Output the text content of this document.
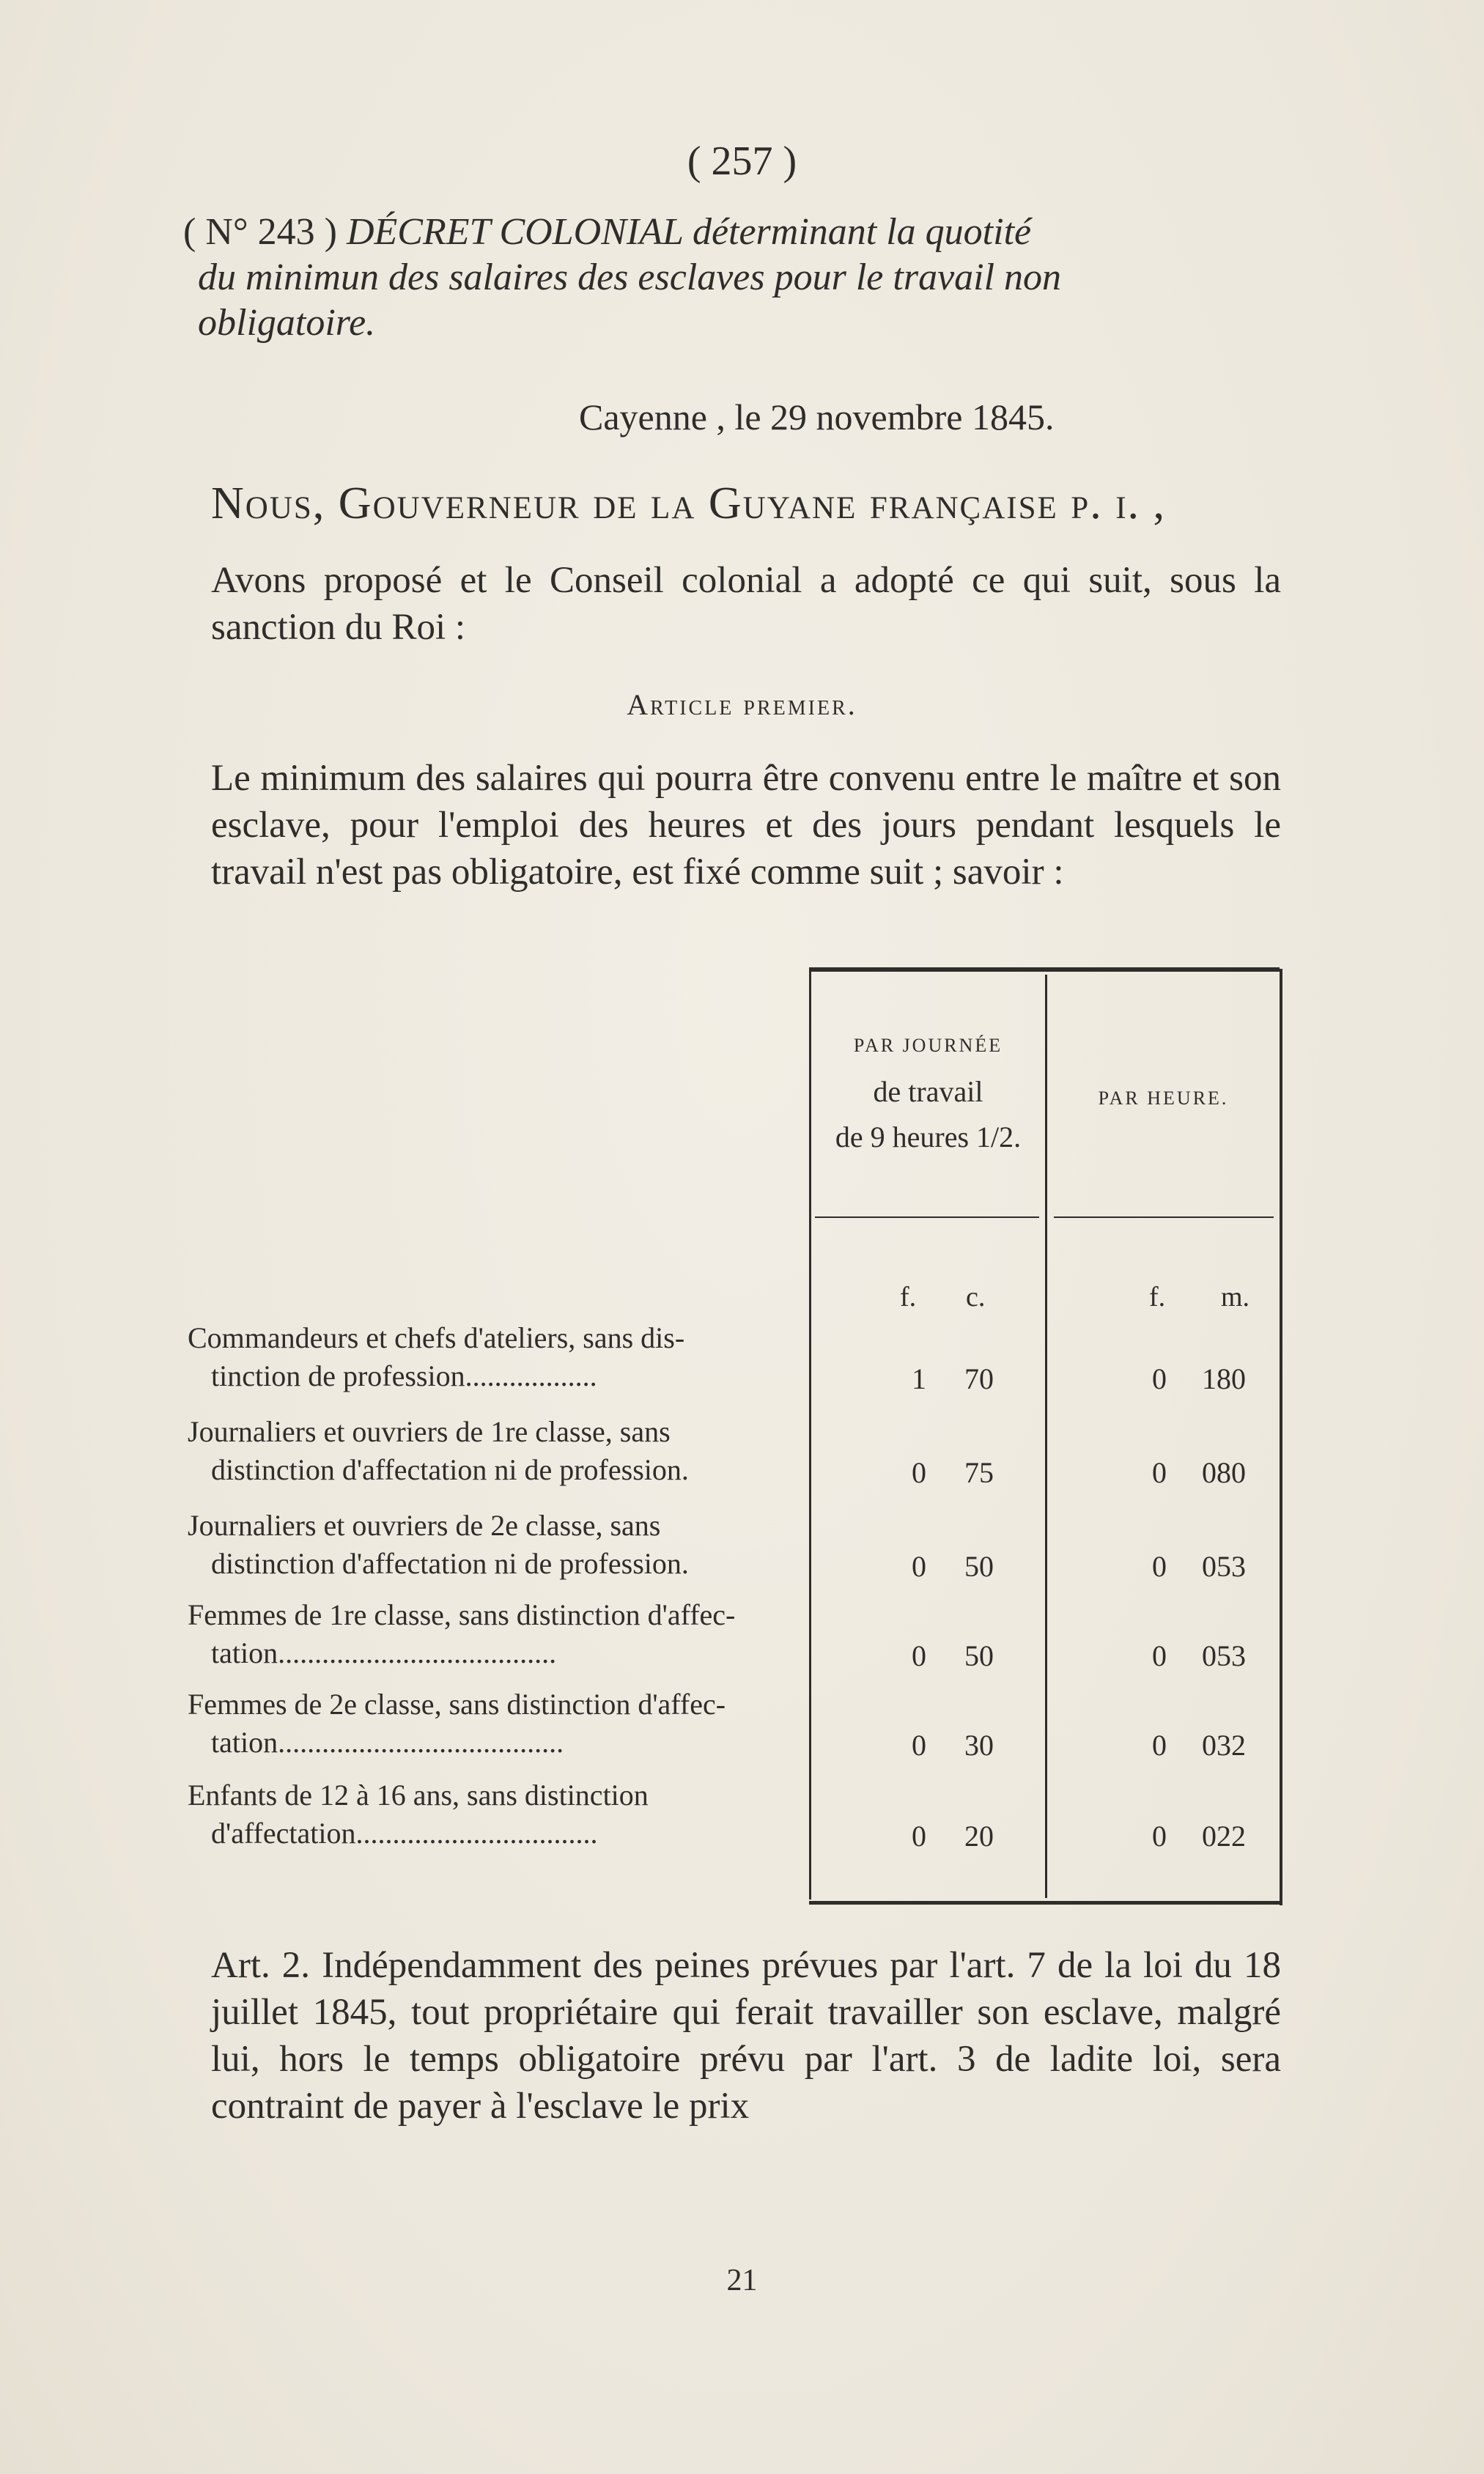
( 257 )
( N° 243 ) DÉCRET COLONIAL déterminant la quotité
du minimun des salaires des esclaves pour le travail non
obligatoire.
Cayenne , le 29 novembre 1845.
Nous, Gouverneur de la Guyane française p. i. ,
Avons proposé et le Conseil colonial a adopté ce qui suit, sous la sanction du Roi :
Article premier.
Le minimum des salaires qui pourra être convenu entre le maître et son esclave, pour l'emploi des heures et des jours pendant lesquels le travail n'est pas obligatoire, est fixé comme suit ; savoir :
PAR JOURNÉE
de travail
de 9 heures 1/2.
PAR HEURE.
f. c.	f. m.
Commandeurs et chefs d'ateliers, sans dis-
tinction de profession..................	1 70	0 180
Journaliers et ouvriers de 1re classe, sans
distinction d'affectation ni de profession.	0 75	0 080
Journaliers et ouvriers de 2e classe, sans
distinction d'affectation ni de profession.	0 50	0 053
Femmes de 1re classe, sans distinction d'affec-
tation......................................	0 50	0 053
Femmes de 2e classe, sans distinction d'affec-
tation.......................................	0 30	0 032
Enfants de 12 à 16 ans, sans distinction
d'affectation.................................	0 20	0 022
Art. 2. Indépendamment des peines prévues par l'art. 7 de la loi du 18 juillet 1845, tout propriétaire qui ferait travailler son esclave, malgré lui, hors le temps obligatoire prévu par l'art. 3 de ladite loi, sera contraint de payer à l'esclave le prix
21
